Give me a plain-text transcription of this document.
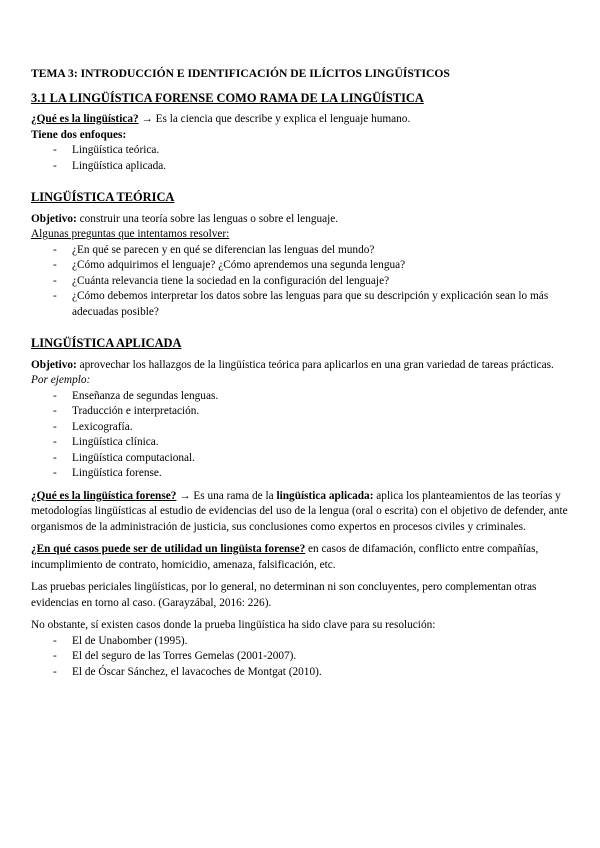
TEMA 3: INTRODUCCIÓN E IDENTIFICACIÓN DE ILÍCITOS LINGÜÍSTICOS
3.1 LA LINGÜÍSTICA FORENSE COMO RAMA DE LA LINGÜÍSTICA

¿Qué es la lingüística? → Es la ciencia que describe y explica el lenguaje humano.

Tiene dos enfoques:

- Lingüística teórica.
- Lingüística aplicada.
LINGÜÍSTICA TEÓRICA

Objetivo: construir una teoría sobre las lenguas o sobre el lenguaje.

Algunas preguntas que intentamos resolver:

- ¿En qué se parecen y en qué se diferencian las lenguas del mundo?
- ¿Cómo adquirimos el lenguaje? ¿Cómo aprendemos una segunda lengua?
- ¿Cuánta relevancia tiene la sociedad en la configuración del lenguaje?
- ¿Cómo debemos interpretar los datos sobre las lenguas para que su descripción y explicación sean lo más adecuadas posible?
LINGÜÍSTICA APLICADA

Objetivo: aprovechar los hallazgos de la lingüística teórica para aplicarlos en una gran variedad de tareas prácticas.

Por ejemplo:

- Enseñanza de segundas lenguas.
- Traducción e interpretación.
- Lexicografía.
- Lingüística clínica.
- Lingüística computacional.
- Lingüística forense.

¿Qué es la lingüística forense? → Es una rama de la lingüística aplicada: aplica los planteamientos de las teorías y metodologías lingüísticas al estudio de evidencias del uso de la lengua (oral o escrita) con el objetivo de defender, ante organismos de la administración de justicia, sus conclusiones como expertos en procesos civiles y criminales.

¿En qué casos puede ser de utilidad un lingüista forense? en casos de difamación, conflicto entre compañías, incumplimiento de contrato, homicidio, amenaza, falsificación, etc.

Las pruebas periciales lingüísticas, por lo general, no determinan ni son concluyentes, pero complementan otras evidencias en torno al caso. (Garayzábal, 2016: 226).

No obstante, sí existen casos donde la prueba lingüística ha sido clave para su resolución:

- El de Unabomber (1995).
- El del seguro de las Torres Gemelas (2001-2007).
- El de Óscar Sánchez, el lavacoches de Montgat (2010).
